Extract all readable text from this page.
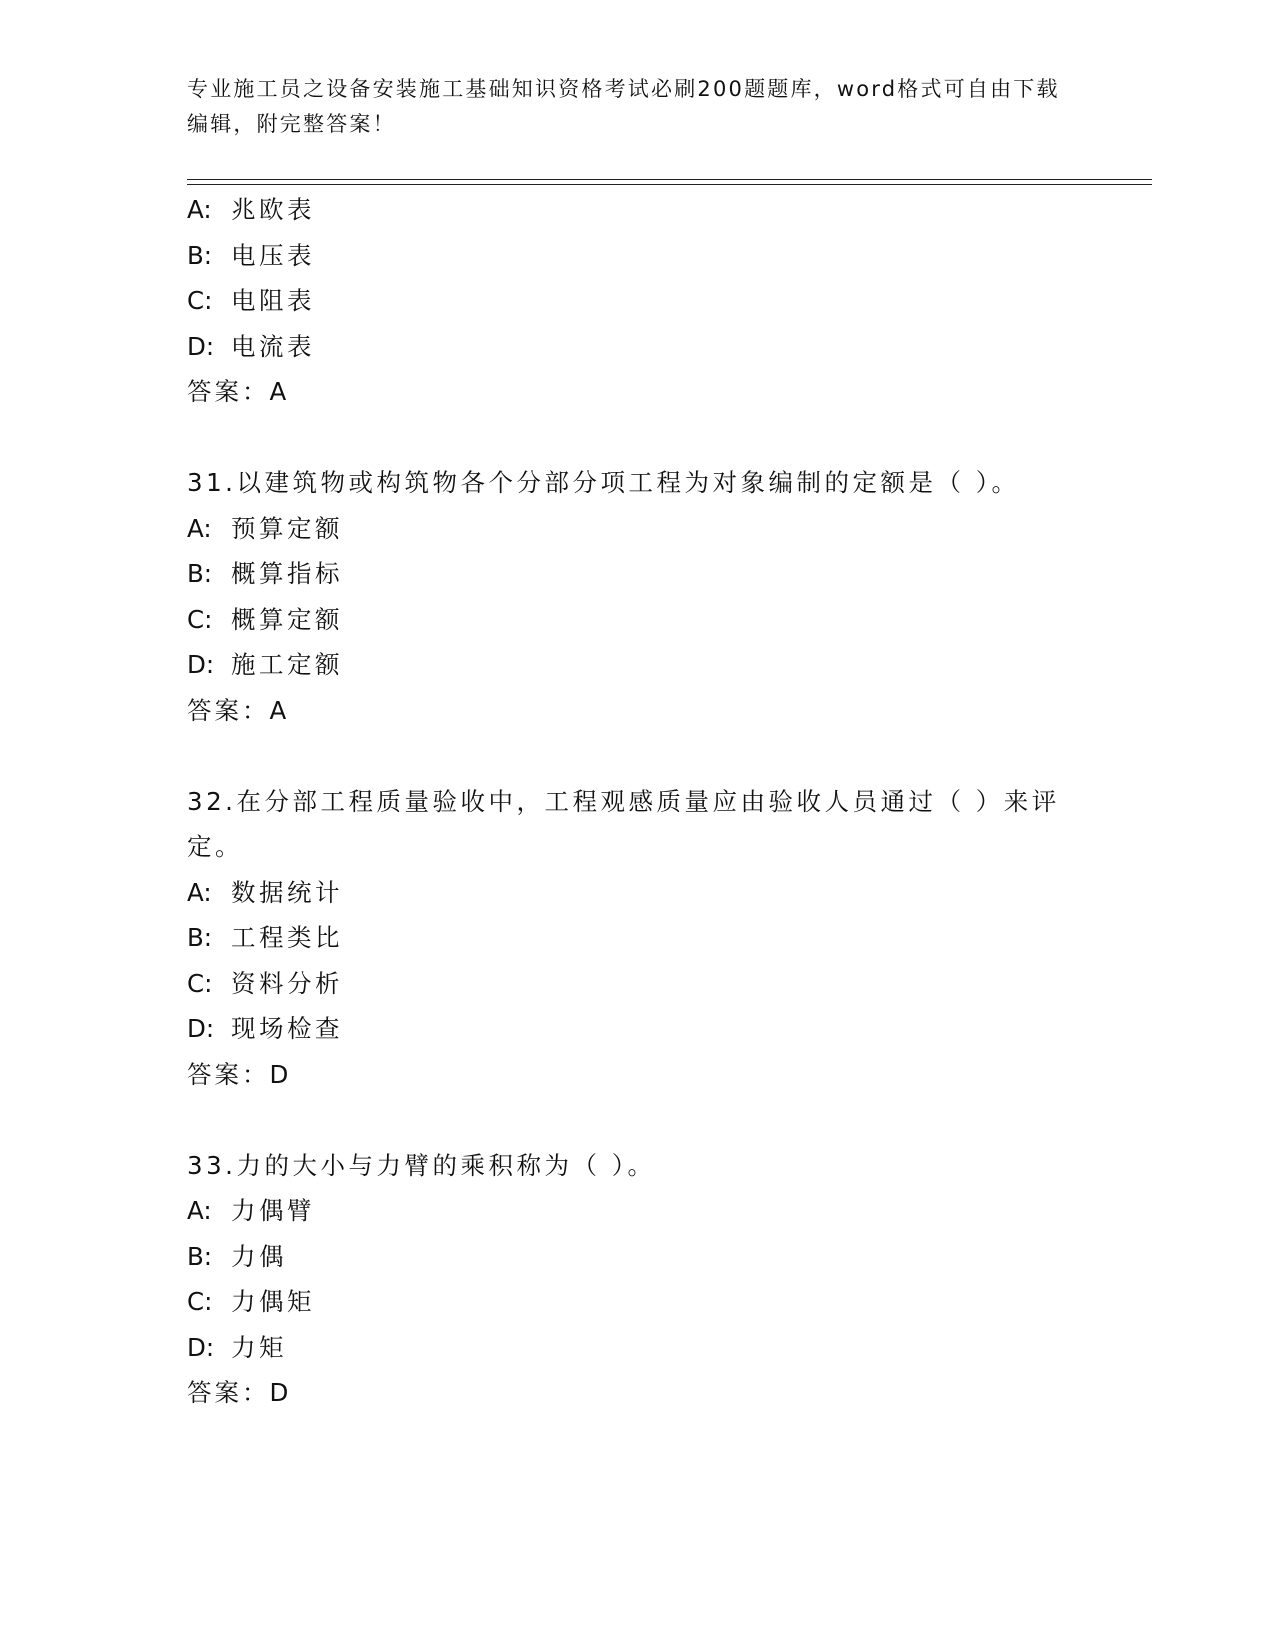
专业施工员之设备安装施工基础知识资格考试必刷200题题库，word格式可自由下载编辑，附完整答案！
A: 兆欧表
B: 电压表
C: 电阻表
D: 电流表
答案：A
31.以建筑物或构筑物各个分部分项工程为对象编制的定额是（ ）。
A: 预算定额
B: 概算指标
C: 概算定额
D: 施工定额
答案：A
32.在分部工程质量验收中，工程观感质量应由验收人员通过（ ）来评定。
A: 数据统计
B: 工程类比
C: 资料分析
D: 现场检查
答案：D
33.力的大小与力臂的乘积称为（ ）。
A: 力偶臂
B: 力偶
C: 力偶矩
D: 力矩
答案：D
